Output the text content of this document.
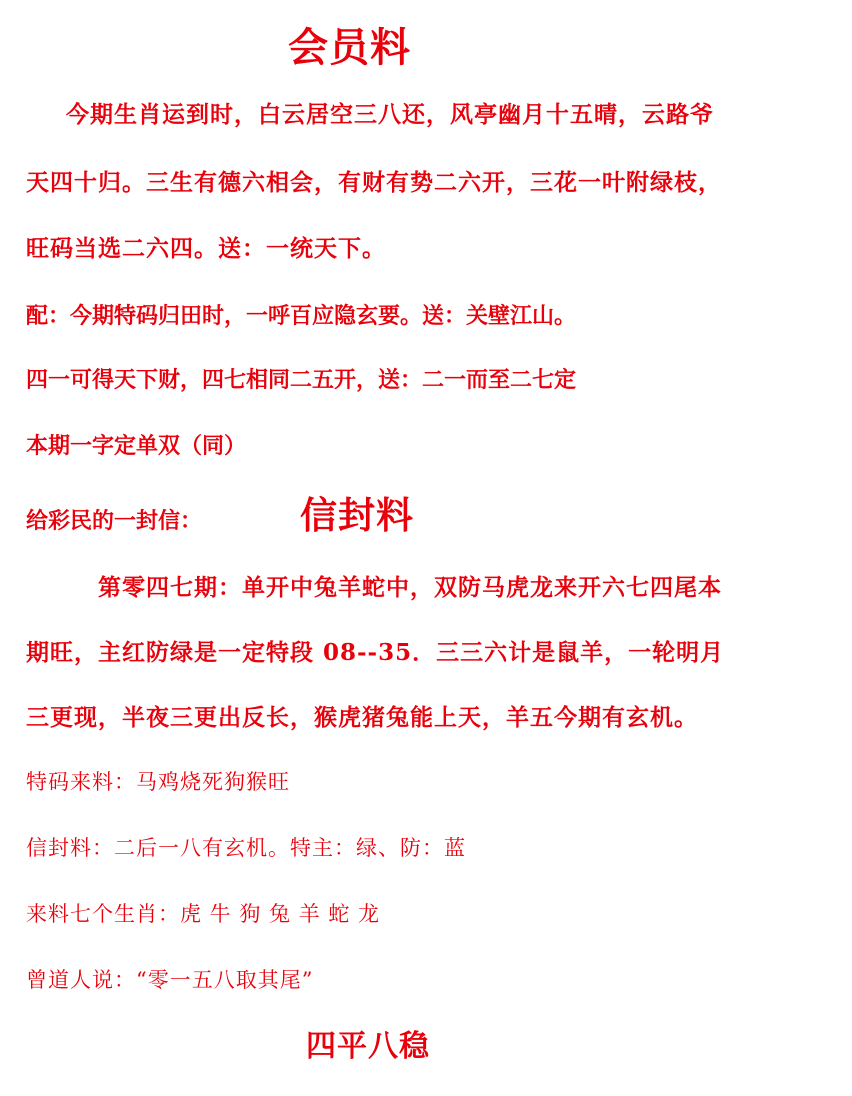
会员料
今期生肖运到时，白云居空三八还，风亭幽月十五晴，云路爷
天四十归。三生有德六相会，有财有势二六开，三花一叶附绿枝，
旺码当选二六四。送：一统天下。
配：今期特码归田时，一呼百应隐玄要。送：关壁江山。
四一可得天下财，四七相同二五开，送：二一而至二七定
本期一字定单双（同）
给彩民的一封信：	信封料
第零四七期：单开中兔羊蛇中，双防马虎龙来开六七四尾本
期旺，主红防绿是一定特段 08--35．三三六计是鼠羊，一轮明月
三更现，半夜三更出反长，猴虎猪兔能上天，羊五今期有玄机。
特码来料：马鸡烧死狗猴旺
信封料：二后一八有玄机。特主：绿、防：蓝
来料七个生肖：虎 牛 狗 兔 羊 蛇 龙
曾道人说：“零一五八取其尾”
四平八稳
